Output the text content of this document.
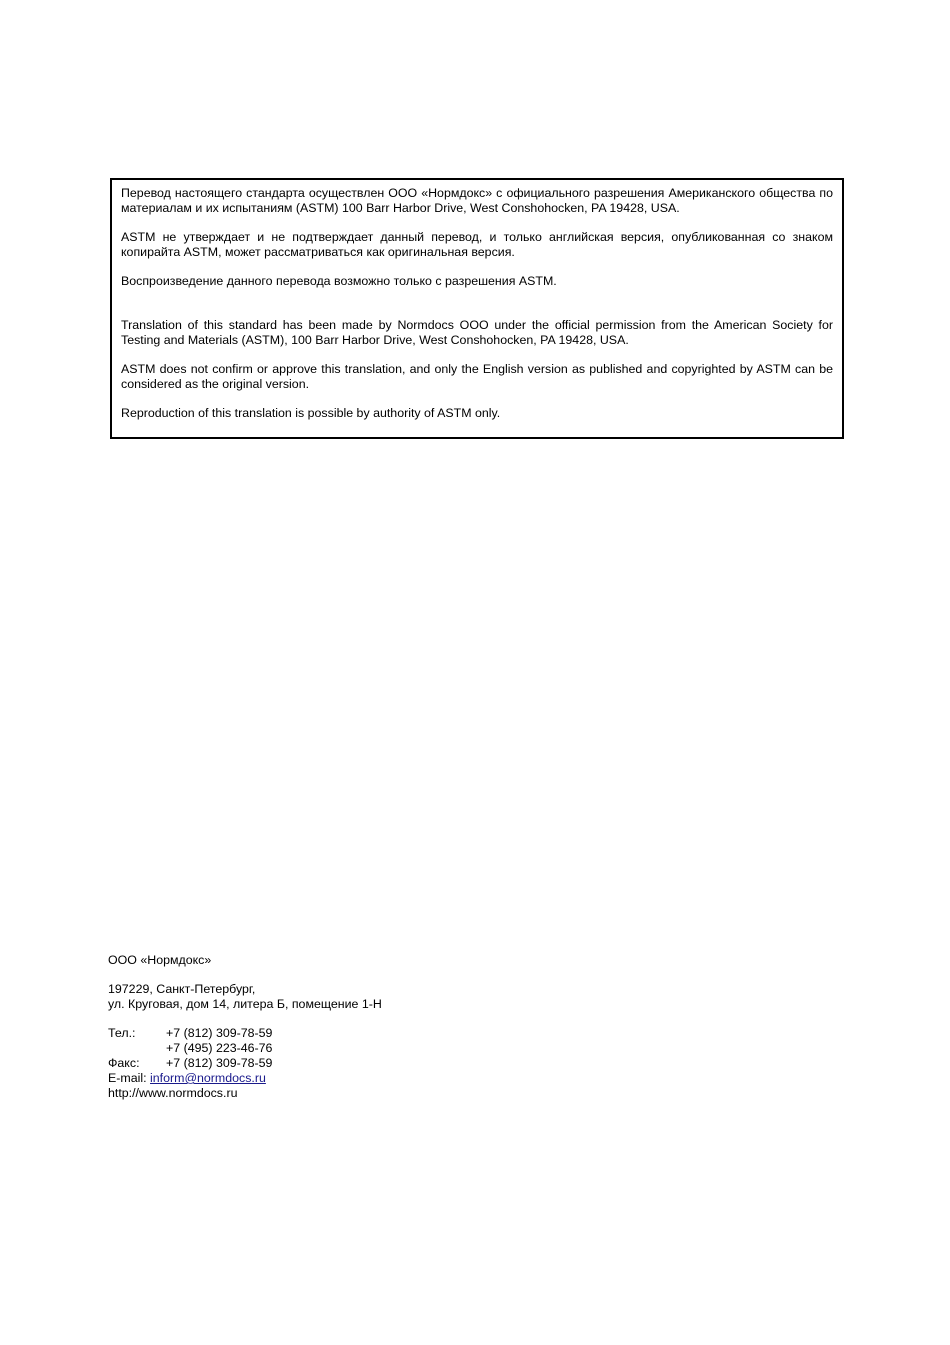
Перевод настоящего стандарта осуществлен ООО «Нормдокс» с официального разрешения Американского общества по материалам и их испытаниям (ASTM) 100 Barr Harbor Drive, West Conshohocken, PA 19428, USA.

ASTM не утверждает и не подтверждает данный перевод, и только английская версия, опубликованная со знаком копирайта ASTM, может рассматриваться как оригинальная версия.

Воспроизведение данного перевода возможно только с разрешения ASTM.

Translation of this standard has been made by Normdocs OOO under the official permission from the American Society for Testing and Materials (ASTM), 100 Barr Harbor Drive, West Conshohocken, PA 19428, USA.

ASTM does not confirm or approve this translation, and only the English version as published and copyrighted by ASTM can be considered as the original version.

Reproduction of this translation is possible by authority of ASTM only.

ООО «Нормдокс»
197229, Санкт-Петербург,
ул. Круговая, дом 14, литера Б, помещение 1-Н
Тел.:	+7 (812) 309-78-59
+7 (495) 223-46-76
Факс:	+7 (812) 309-78-59
E-mail:
inform@normdocs.ru
http://www.normdocs.ru
